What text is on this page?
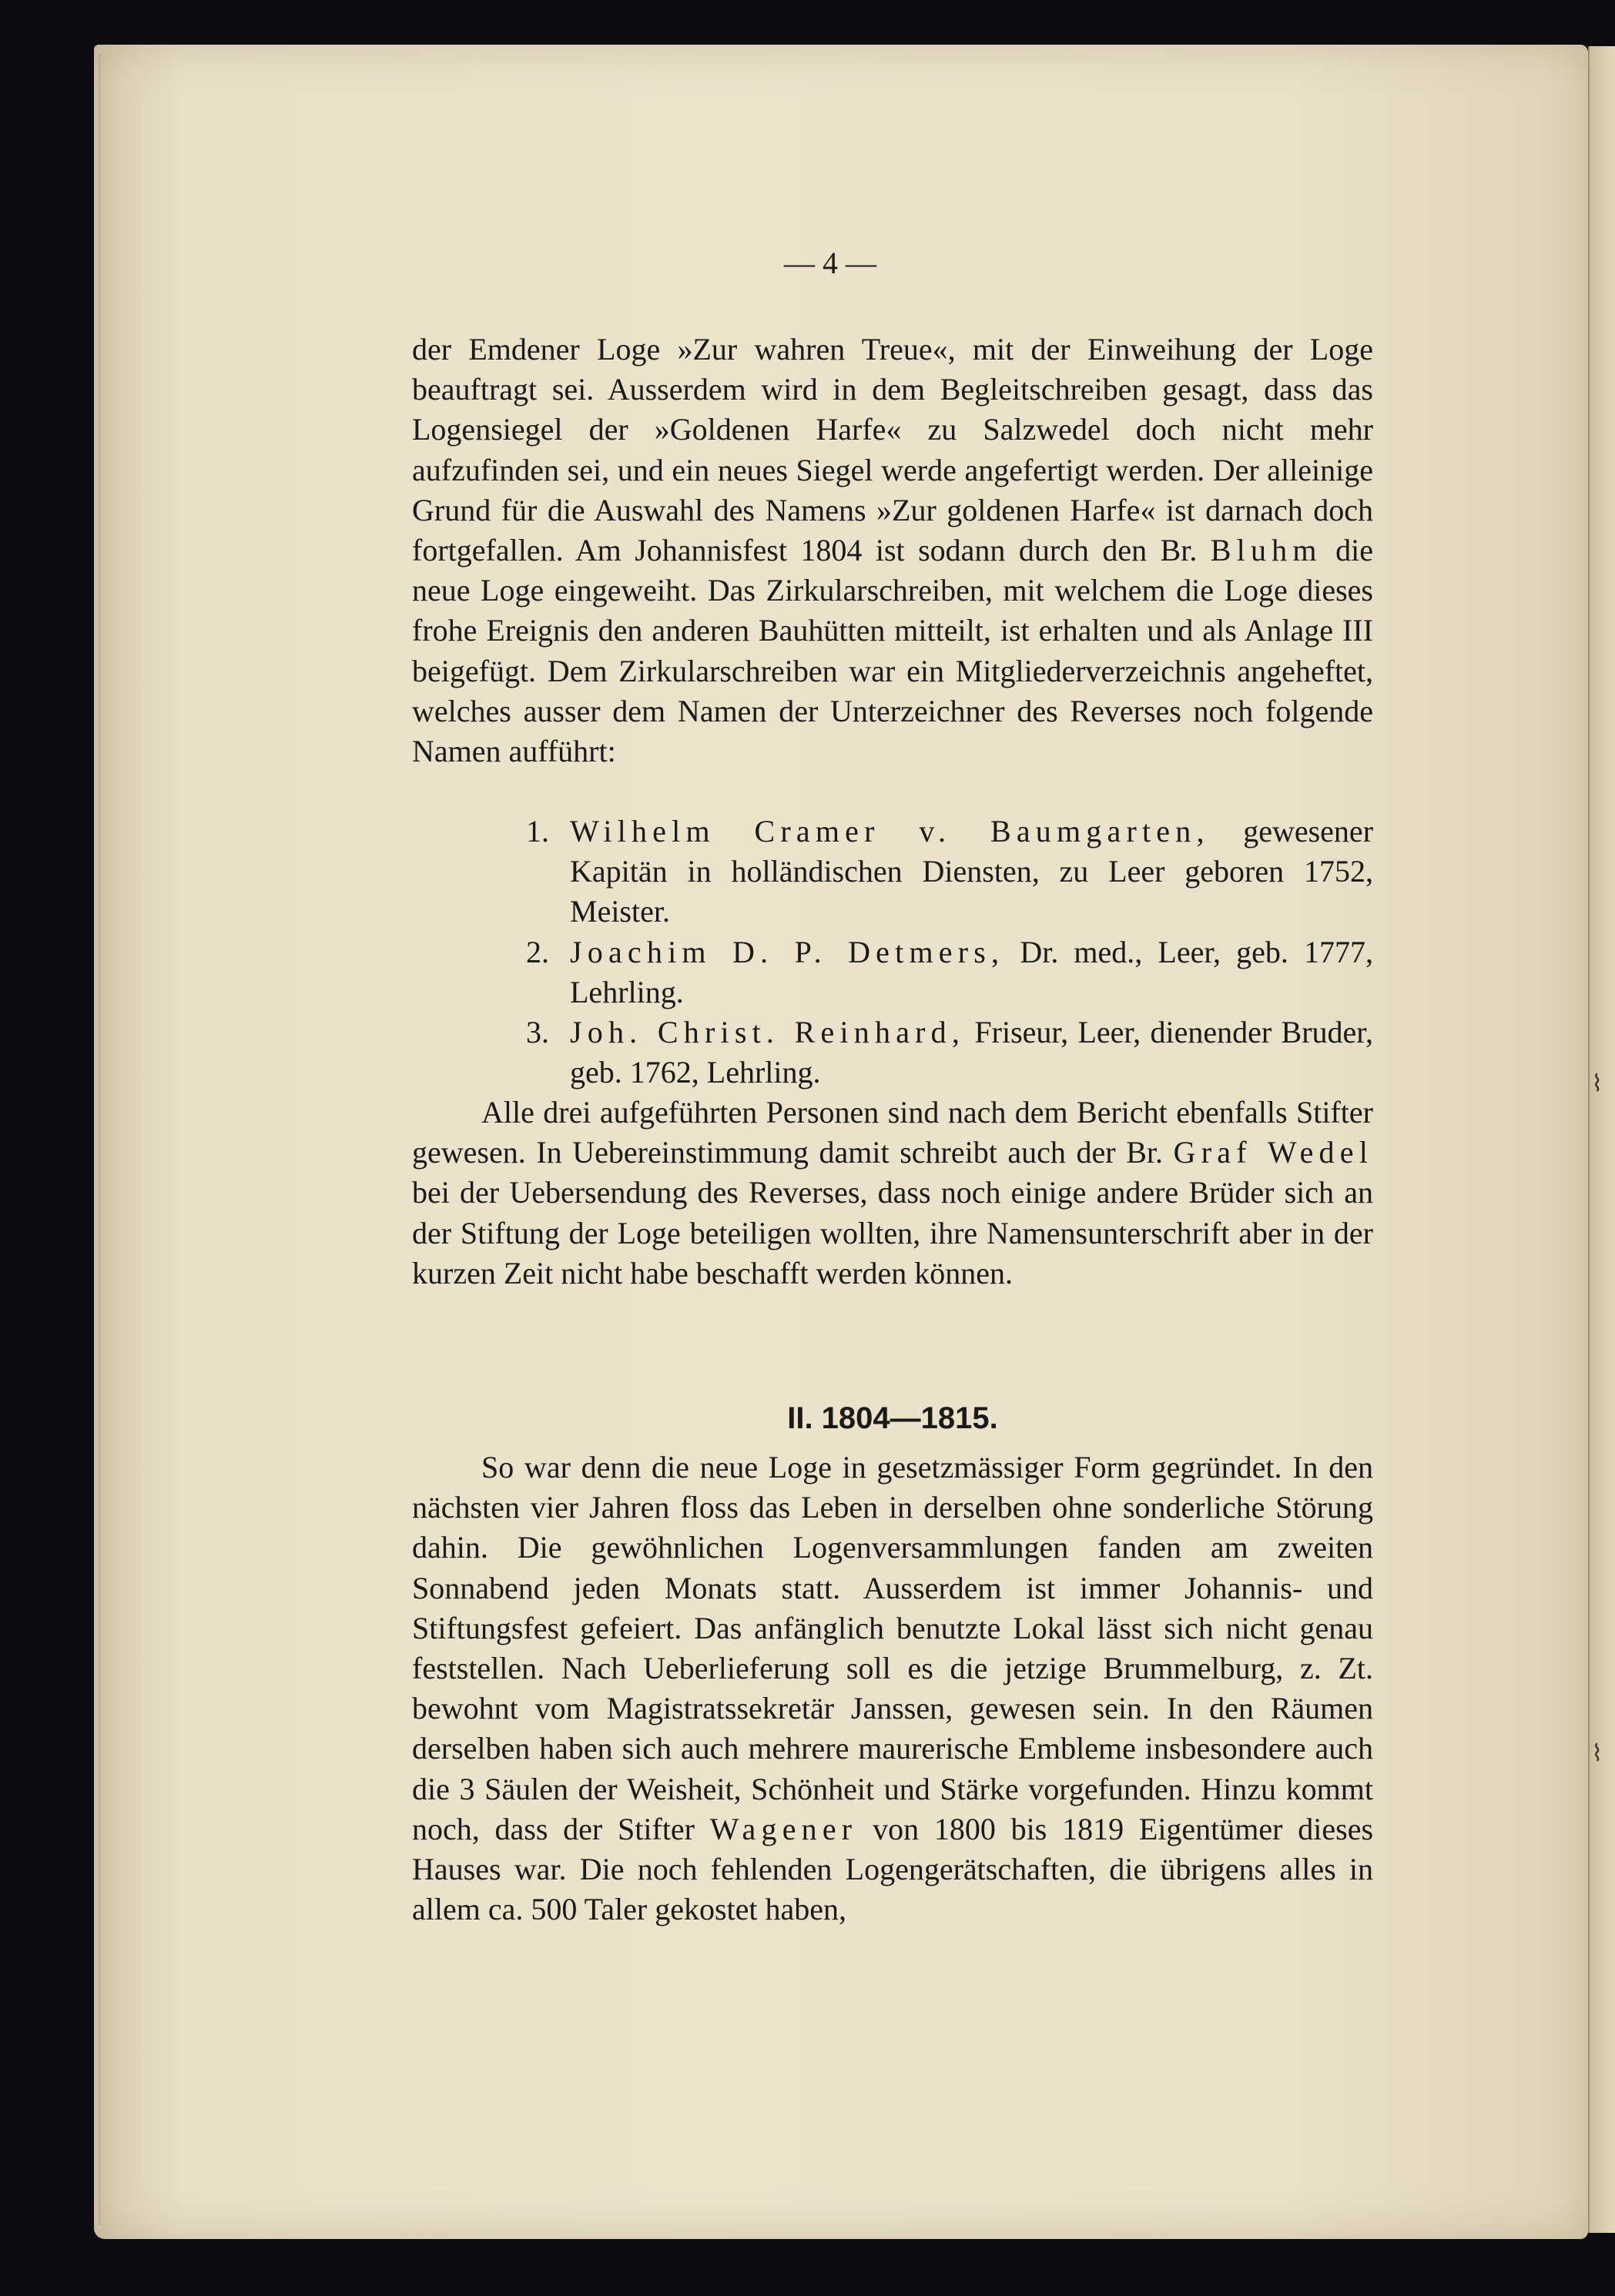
⌇
⌇
— 4 —

der Emdener Loge »Zur wahren Treue«, mit der Einweihung der Loge beauftragt sei. Ausserdem wird in dem Begleitschreiben gesagt, dass das Logensiegel der »Goldenen Harfe« zu Salzwedel doch nicht mehr aufzufinden sei, und ein neues Siegel werde angefertigt werden. Der alleinige Grund für die Auswahl des Namens »Zur goldenen Harfe« ist darnach doch fortgefallen. Am Johannisfest 1804 ist sodann durch den Br. Bluhm die neue Loge eingeweiht. Das Zirkularschreiben, mit welchem die Loge dieses frohe Ereignis den anderen Bauhütten mitteilt, ist erhalten und als Anlage III beigefügt. Dem Zirkularschreiben war ein Mitgliederverzeichnis angeheftet, welches ausser dem Namen der Unterzeichner des Reverses noch folgende Namen aufführt:

1. Wilhelm Cramer v. Baumgarten, gewesener Kapitän in holländischen Diensten, zu Leer geboren 1752, Meister.
2. Joachim D. P. Detmers, Dr. med., Leer, geb. 1777, Lehrling.
3. Joh. Christ. Reinhard, Friseur, Leer, dienender Bruder, geb. 1762, Lehrling.

Alle drei aufgeführten Personen sind nach dem Bericht ebenfalls Stifter gewesen. In Uebereinstimmung damit schreibt auch der Br. Graf Wedel bei der Uebersendung des Reverses, dass noch einige andere Brüder sich an der Stiftung der Loge beteiligen wollten, ihre Namensunterschrift aber in der kurzen Zeit nicht habe beschafft werden können.

II. 1804—1815.

So war denn die neue Loge in gesetzmässiger Form gegründet. In den nächsten vier Jahren floss das Leben in derselben ohne sonderliche Störung dahin. Die gewöhnlichen Logenversammlungen fanden am zweiten Sonnabend jeden Monats statt. Ausserdem ist immer Johannis- und Stiftungsfest gefeiert. Das anfänglich benutzte Lokal lässt sich nicht genau feststellen. Nach Ueberlieferung soll es die jetzige Brummelburg, z. Zt. bewohnt vom Magistratssekretär Janssen, gewesen sein. In den Räumen derselben haben sich auch mehrere maurerische Embleme insbesondere auch die 3 Säulen der Weisheit, Schönheit und Stärke vorgefunden. Hinzu kommt noch, dass der Stifter Wagener von 1800 bis 1819 Eigentümer dieses Hauses war. Die noch fehlenden Logengerätschaften, die übrigens alles in allem ca. 500 Taler gekostet haben,
